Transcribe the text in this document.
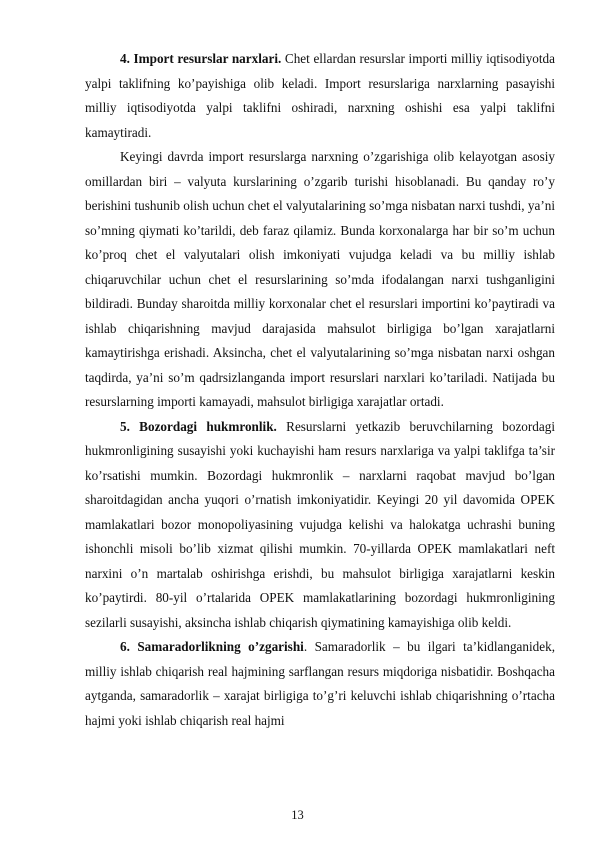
4. Import resurslar narxlari. Chet ellardan resurslar importi milliy iqtisodiyotda yalpi taklifning ko’payishiga olib keladi. Import resurslariga narxlarning pasayishi milliy iqtisodiyotda yalpi taklifni oshiradi, narxning oshishi esa yalpi taklifni kamaytiradi.

Keyingi davrda import resurslarga narxning o’zgarishiga olib kelayotgan asosiy omillardan biri – valyuta kurslarining o’zgarib turishi hisoblanadi. Bu qanday ro’y berishini tushunib olish uchun chet el valyutalarining so’mga nisbatan narxi tushdi, ya’ni so’mning qiymati ko’tarildi, deb faraz qilamiz. Bunda korxonalarga har bir so’m uchun ko’proq chet el valyutalari olish imkoniyati vujudga keladi va bu milliy ishlab chiqaruvchilar uchun chet el resurslarining so’mda ifodalangan narxi tushganligini bildiradi. Bunday sharoitda milliy korxonalar chet el resurslari importini ko’paytiradi va ishlab chiqarishning mavjud darajasida mahsulot birligiga bo’lgan xarajatlarni kamaytirishga erishadi. Aksincha, chet el valyutalarining so’mga nisbatan narxi oshgan taqdirda, ya’ni so’m qadrsizlanganda import resurslari narxlari ko’tariladi. Natijada bu resurslarning importi kamayadi, mahsulot birligiga xarajatlar ortadi.

5. Bozordagi hukmronlik. Resurslarni yetkazib beruvchilarning bozordagi hukmronligining susayishi yoki kuchayishi ham resurs narxlariga va yalpi taklifga ta’sir ko’rsatishi mumkin. Bozordagi hukmronlik – narxlarni raqobat mavjud bo’lgan sharoitdagidan ancha yuqori o’rnatish imkoniyatidir. Keyingi 20 yil davomida OPEK mamlakatlari bozor monopoliyasining vujudga kelishi va halokatga uchrashi buning ishonchli misoli bo’lib xizmat qilishi mumkin. 70-yillarda OPEK mamlakatlari neft narxini o’n martalab oshirishga erishdi, bu mahsulot birligiga xarajatlarni keskin ko’paytirdi. 80-yil o’rtalarida OPEK mamlakatlarining bozordagi hukmronligining sezilarli susayishi, aksincha ishlab chiqarish qiymatining kamayishiga olib keldi.

6. Samaradorlikning o’zgarishi. Samaradorlik – bu ilgari ta’kidlanganidek, milliy ishlab chiqarish real hajmining sarflangan resurs miqdoriga nisbatidir. Boshqacha aytganda, samaradorlik – xarajat birligiga to’g’ri keluvchi ishlab chiqarishning o’rtacha hajmi yoki ishlab chiqarish real hajmi

13
